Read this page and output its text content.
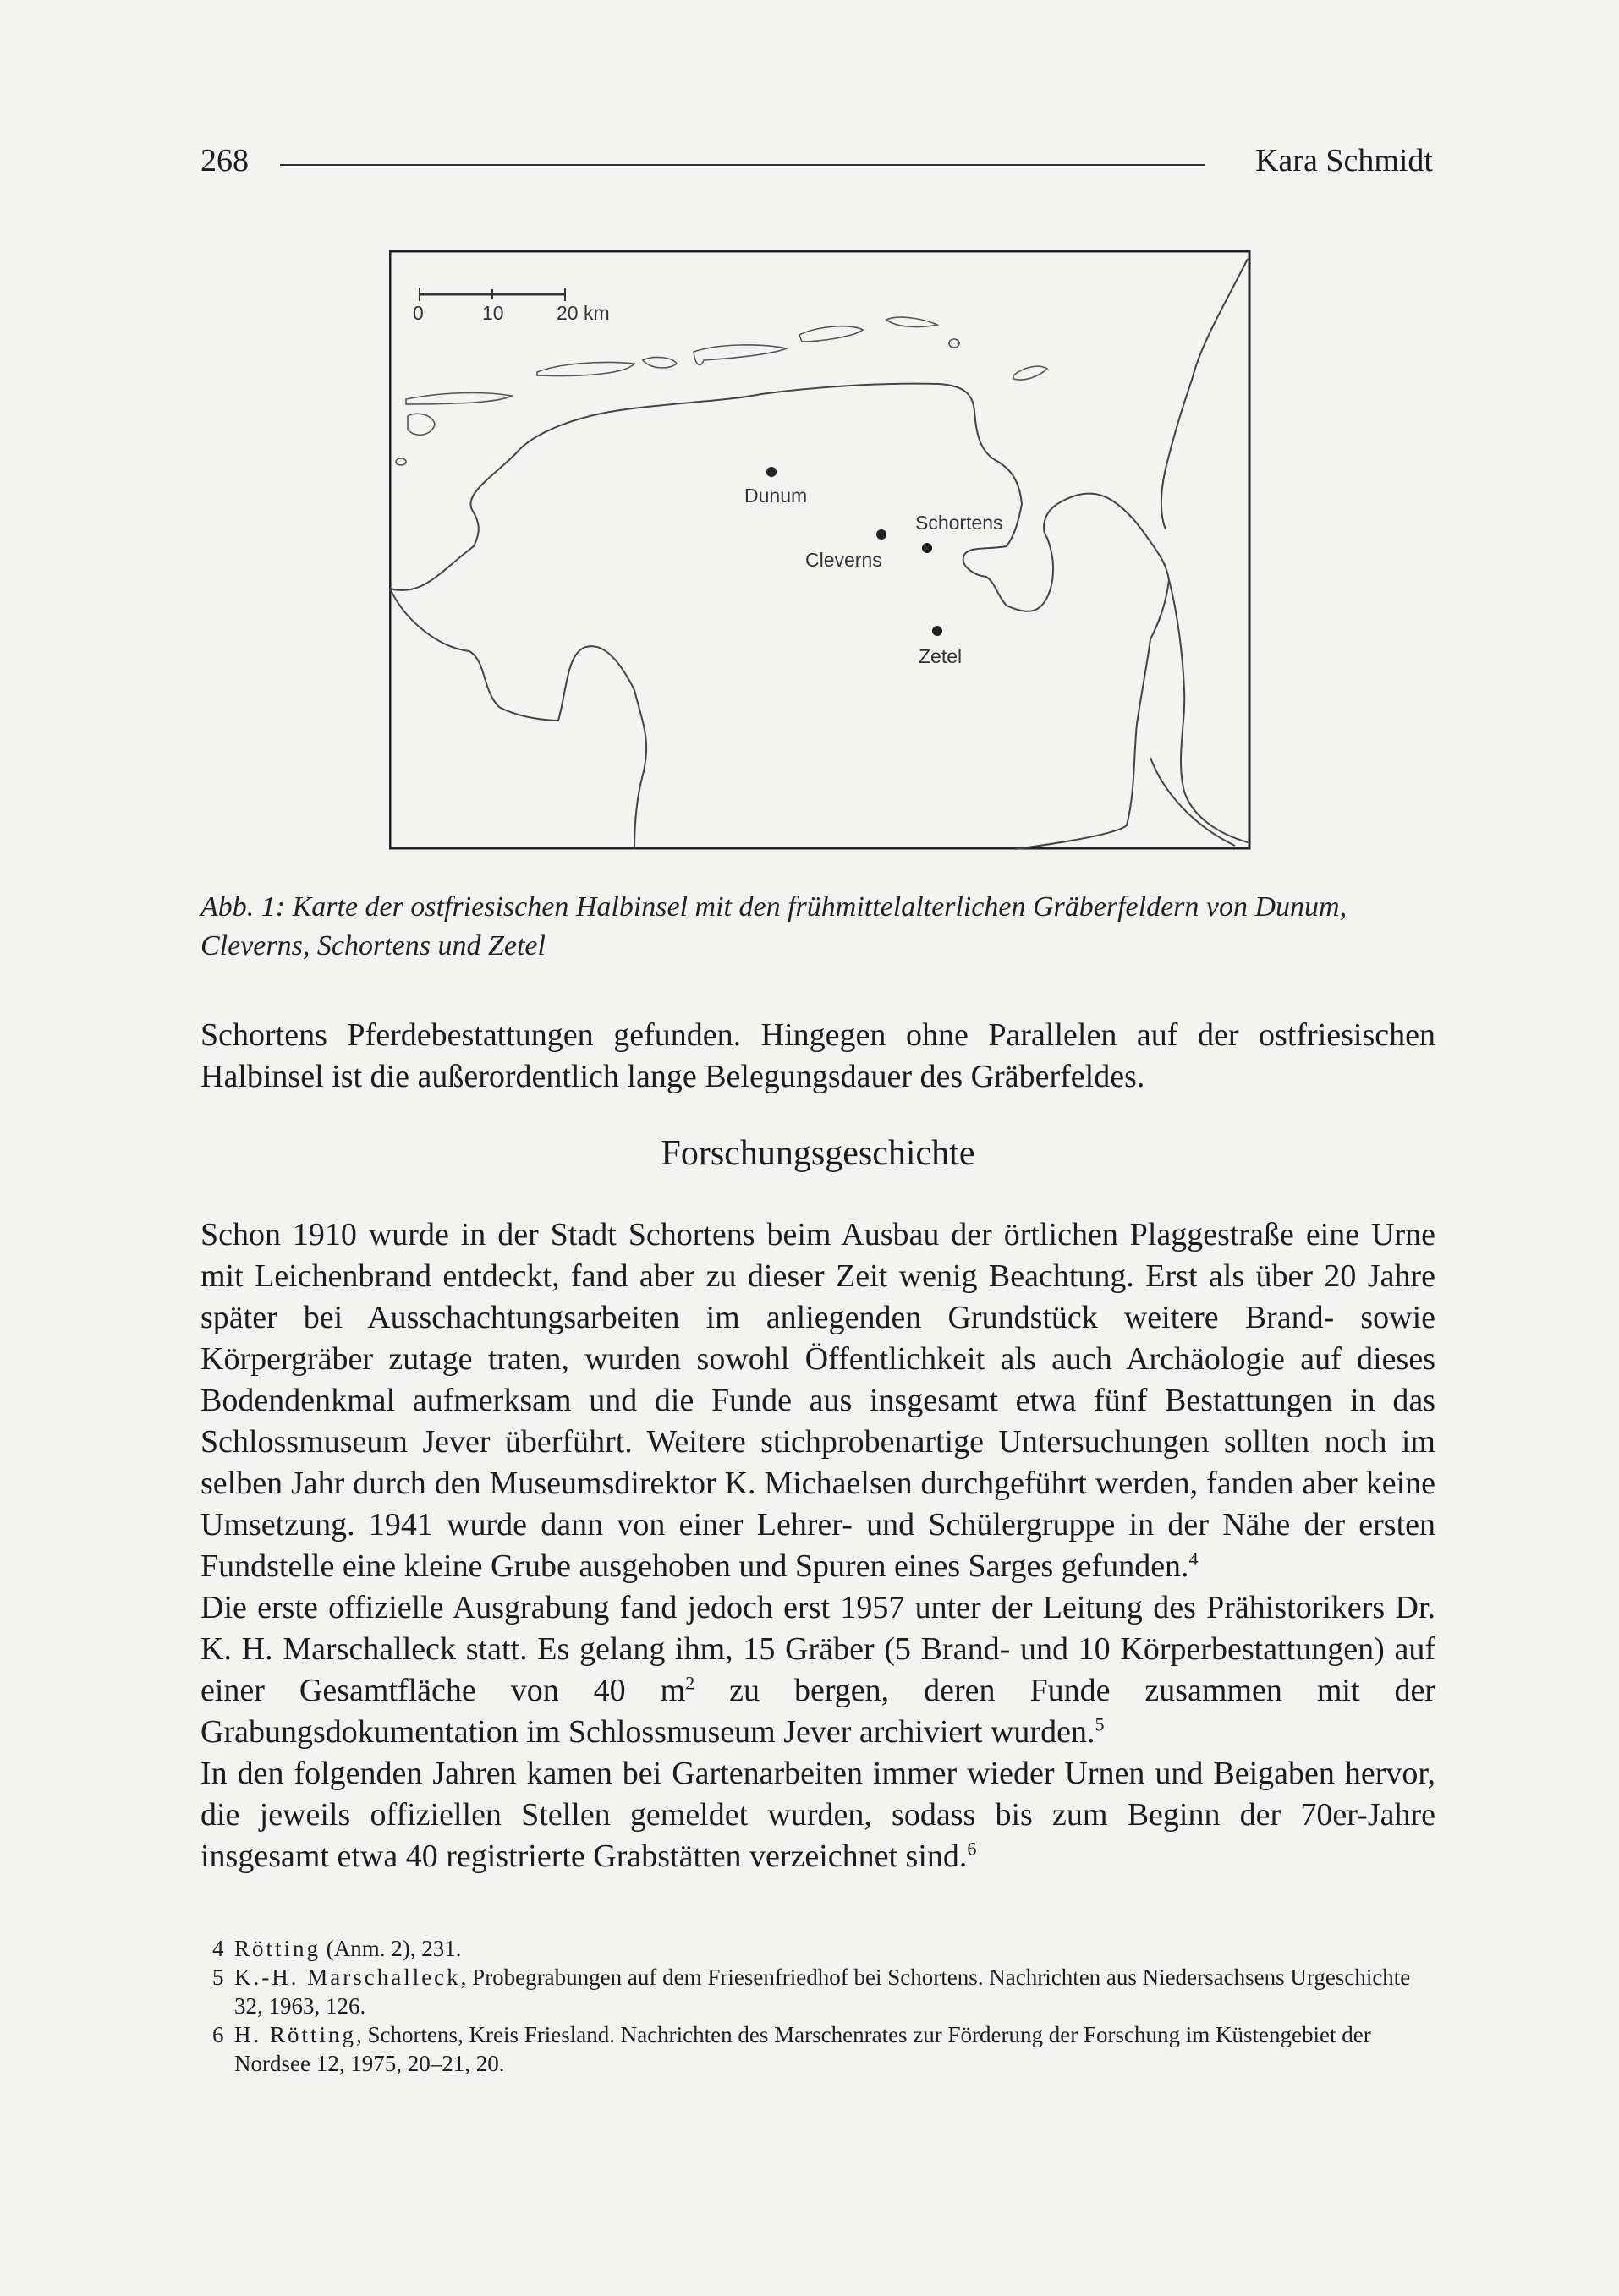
268	Kara Schmidt
0	10	20 km
Dunum
Cleverns
Schortens
Zetel
Abb. 1: Karte der ostfriesischen Halbinsel mit den frühmittelalterlichen Gräberfeldern von Dunum, Cleverns, Schortens und Zetel

Schortens Pferdebestattungen gefunden. Hingegen ohne Parallelen auf der ostfriesischen Halbinsel ist die außerordentlich lange Belegungsdauer des Gräberfeldes.

Forschungsgeschichte

Schon 1910 wurde in der Stadt Schortens beim Ausbau der örtlichen Plaggestraße eine Urne mit Leichenbrand entdeckt, fand aber zu dieser Zeit wenig Beachtung. Erst als über 20 Jahre später bei Ausschachtungsarbeiten im anliegenden Grundstück weitere Brand- sowie Körpergräber zutage traten, wurden sowohl Öffentlichkeit als auch Archäologie auf dieses Bodendenkmal aufmerksam und die Funde aus insgesamt etwa fünf Bestattungen in das Schlossmuseum Jever überführt. Weitere stichprobenartige Untersuchungen sollten noch im selben Jahr durch den Museumsdirektor K. Michaelsen durchgeführt werden, fanden aber keine Umsetzung. 1941 wurde dann von einer Lehrer- und Schülergruppe in der Nähe der ersten Fundstelle eine kleine Grube ausgehoben und Spuren eines Sarges gefunden.$^4$

Die erste offizielle Ausgrabung fand jedoch erst 1957 unter der Leitung des Prähistorikers Dr. K. H. Marschalleck statt. Es gelang ihm, 15 Gräber (5 Brand- und 10 Körperbestattungen) auf einer Gesamtfläche von 40 $m^2$ zu bergen, deren Funde zusammen mit der Grabungsdokumentation im Schlossmuseum Jever archiviert wurden.$^5$

In den folgenden Jahren kamen bei Gartenarbeiten immer wieder Urnen und Beigaben hervor, die jeweils offiziellen Stellen gemeldet wurden, sodass bis zum Beginn der 70er-Jahre insgesamt etwa 40 registrierte Grabstätten verzeichnet sind.$^6$

4 Rötting (Anm. 2), 231.
5 K.-H. Marschalleck, Probegrabungen auf dem Friesenfriedhof bei Schortens. Nachrichten aus Niedersachsens Urgeschichte 32, 1963, 126.
6 H. Rötting, Schortens, Kreis Friesland. Nachrichten des Marschenrates zur Förderung der Forschung im Küstengebiet der Nordsee 12, 1975, 20–21, 20.
